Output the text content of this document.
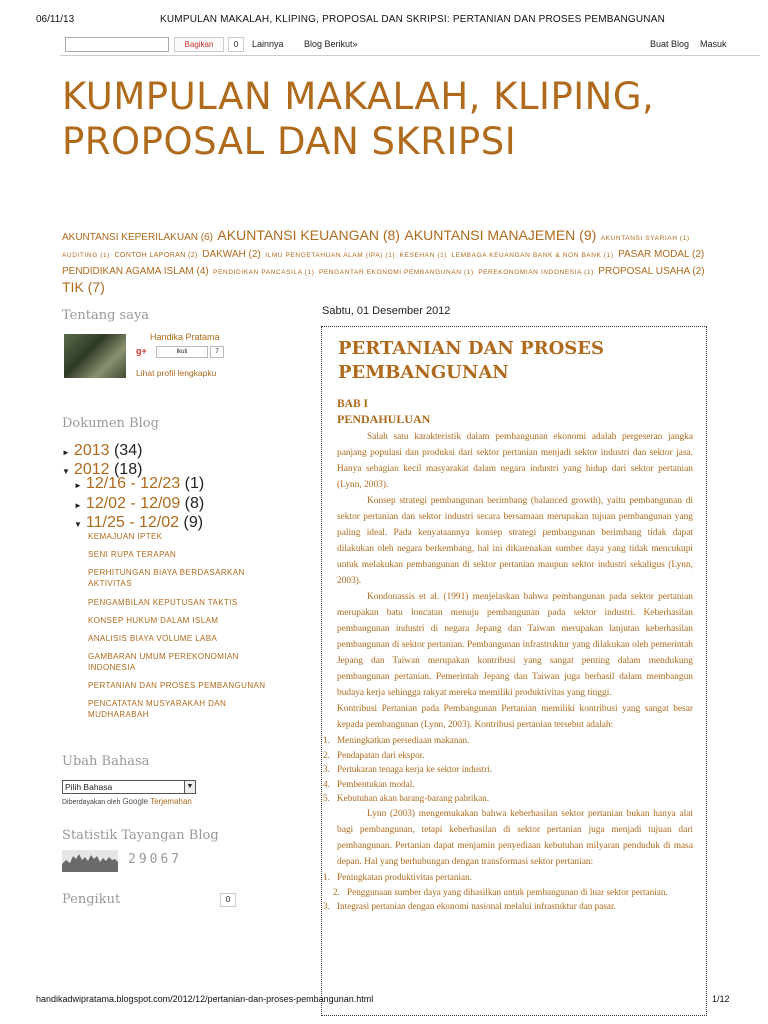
06/11/13	KUMPULAN MAKALAH, KLIPING, PROPOSAL DAN SKRIPSI: PERTANIAN DAN PROSES PEMBANGUNAN
Bagikan	0	Lainnya Blog Berikut»	Buat Blog Masuk
KUMPULAN MAKALAH, KLIPING, PROPOSAL DAN SKRIPSI
AKUNTANSI KEPERILAKUAN (6) AKUNTANSI KEUANGAN (8) AKUNTANSI MANAJEMEN (9) AKUNTANSI SYARIAH (1) AUDITING (1) CONTOH LAPORAN (2) DAKWAH (2) ILMU PENGETAHUAN ALAM (IPA) (1) KESEHAN (1) LEMBAGA KEUANGAN BANK & NON BANK (1) PASAR MODAL (2) PENDIDIKAN AGAMA ISLAM (4) PENDIDIKAN PANCASILA (1) PENGANTAR EKONOMI PEMBANGUNAN (1) PEREKONOMIAN INDONESIA (1) PROPOSAL USAHA (2) TIK (7)
Tentang saya
Handika Pratama
g+	Ikuti	7
Lihat profil lengkapku
Dokumen Blog
► 2013 (34)
▼ 2012 (18)
► 12/16 - 12/23 (1)
► 12/02 - 12/09 (8)
▼ 11/25 - 12/02 (9)
KEMAJUAN IPTEK
SENI RUPA TERAPAN
PERHITUNGAN BIAYA BERDASARKAN AKTIVITAS
PENGAMBILAN KEPUTUSAN TAKTIS
KONSEP HUKUM DALAM ISLAM
ANALISIS BIAYA VOLUME LABA
GAMBARAN UMUM PEREKONOMIAN INDONESIA
PERTANIAN DAN PROSES PEMBANGUNAN
PENCATATAN MUSYARAKAH DAN MUDHARABAH
Ubah Bahasa
Statistik Tayangan Blog
Pengikut
Pilih Bahasa	▼
Diberdayakan oleh Google Terjemahan
29067
0
Sabtu, 01 Desember 2012
PERTANIAN DAN PROSES PEMBANGUNAN
BAB I
PENDAHULUAN

Salah satu karakteristik dalam pembangunan ekonomi adalah pergeseran jangka panjang populasi dan produksi dari sektor pertanian menjadi sektor industri dan sektor jasa. Hanya sebagian kecil masyarakat dalam negara industri yang hidup dari sektor pertanian (Lynn, 2003).

Konsep strategi pembangunan berimbang (balanced growth), yaitu pembangunan di sektor pertanian dan sektor industri secara bersamaan merupakan tujuan pembangunan yang paling ideal. Pada kenyataannya konsep strategi pembangunan berimbang tidak dapat dilakukan oleh negara berkembang, hal ini dikarenakan sumber daya yang tidak mencukupi untuk melakukan pembangunan di sektor pertanian maupun sektor industri sekaligus (Lynn, 2003).

Kondonassis et al. (1991) menjelaskan bahwa pembangunan pada sektor pertanian merupakan batu loncatan menuju pembangunan pada sektor industri. Keberhasilan pembangunan industri di negara Jepang dan Taiwan merupakan lanjutan keberhasilan pembangunan di sektor pertanian. Pembangunan infrastruktur yang dilakukan oleh pemerintah Jepang dan Taiwan merupakan kontribusi yang sangat penting dalam mendukung pembangunan pertanian. Pemerintah Jepang dan Taiwan juga berhasil dalam membangun budaya kerja sehingga rakyat mereka memiliki produktivitas yang tinggi.

Kontribusi Pertanian pada Pembangunan Pertanian memiliki kontribusi yang sangat besar kepada pembangunan (Lynn, 2003). Kontribusi pertanian tersebut adalah:

1. Meningkatkan persediaan makanan.
2. Pendapatan dari ekspor.
3. Pertukaran tenaga kerja ke sektor industri.
4. Pembentukan modal.
5. Kebutuhan akan barang-barang pabrikan.

Lynn (2003) mengemukakan bahwa keberhasilan sektor pertanian bukan hanya alat bagi pembangunan, tetapi keberhasilan di sektor pertanian juga menjadi tujuan dari pembangunan. Pertanian dapat menjamin penyediaan kebutuhan milyaran penduduk di masa depan. Hal yang berhubungan dengan transformasi sektor pertanian:

1. Peningkatan produktivitas pertanian.
2. Penggunaan sumber daya yang dihasilkan untuk pembangunan di luar sektor pertanian.
3. Integrasi pertanian dengan ekonomi nasional melalui infrastuktur dan pasar.
handikadwipratama.blogspot.com/2012/12/pertanian-dan-proses-pembangunan.html	1/12
